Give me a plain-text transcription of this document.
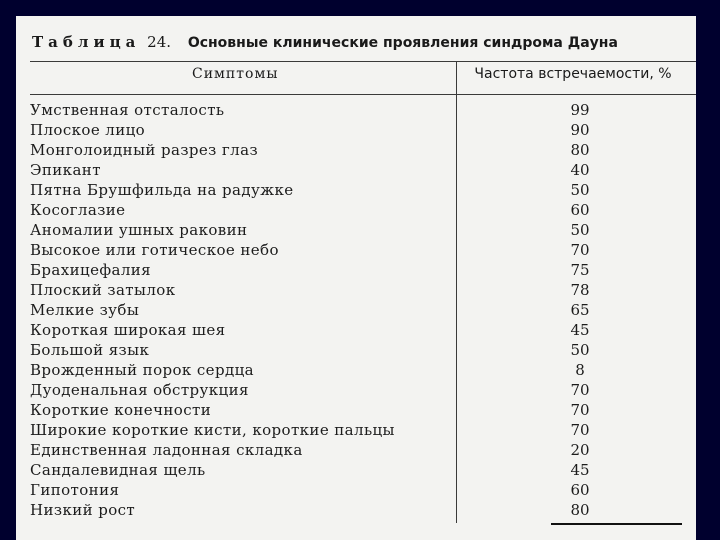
Таблица 24. Основные клинические проявления синдрома Дауна
Симптомы	Частота встречаемости, %
Умственная отсталость	99
Плоское лицо	90
Монголоидный разрез глаз	80
Эпикант	40
Пятна Брушфильда на радужке	50
Косоглазие	60
Аномалии ушных раковин	50
Высокое или готическое небо	70
Брахицефалия	75
Плоский затылок	78
Мелкие зубы	65
Короткая широкая шея	45
Большой язык	50
Врожденный порок сердца	8
Дуоденальная обструкция	70
Короткие конечности	70
Широкие короткие кисти, короткие пальцы	70
Единственная ладонная складка	20
Сандалевидная щель	45
Гипотония	60
Низкий рост	80
